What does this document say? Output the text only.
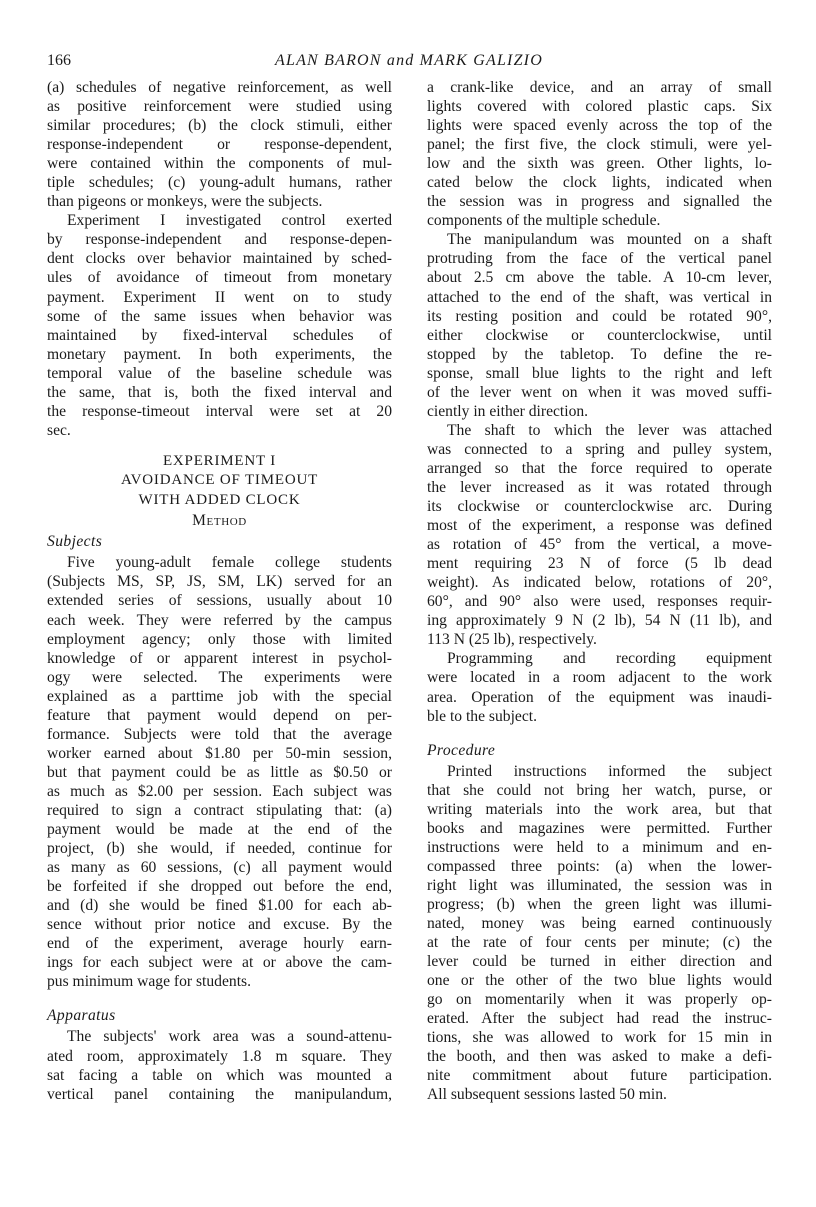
166	ALAN BARON and MARK GALIZIO
(a) schedules of negative reinforcement, as well
as positive reinforcement were studied using
similar procedures; (b) the clock stimuli, either
response-independent or response-dependent,
were contained within the components of mul-
tiple schedules; (c) young-adult humans, rather
than pigeons or monkeys, were the subjects.
Experiment I investigated control exerted
by response-independent and response-depen-
dent clocks over behavior maintained by sched-
ules of avoidance of timeout from monetary
payment. Experiment II went on to study
some of the same issues when behavior was
maintained by fixed-interval schedules of
monetary payment. In both experiments, the
temporal value of the baseline schedule was
the same, that is, both the fixed interval and
the response-timeout interval were set at 20
sec.
EXPERIMENT I
AVOIDANCE OF TIMEOUT
WITH ADDED CLOCK
Method
Subjects
Five young-adult female college students
(Subjects MS, SP, JS, SM, LK) served for an
extended series of sessions, usually about 10
each week. They were referred by the campus
employment agency; only those with limited
knowledge of or apparent interest in psychol-
ogy were selected. The experiments were
explained as a parttime job with the special
feature that payment would depend on per-
formance. Subjects were told that the average
worker earned about $1.80 per 50-min session,
but that payment could be as little as $0.50 or
as much as $2.00 per session. Each subject was
required to sign a contract stipulating that: (a)
payment would be made at the end of the
project, (b) she would, if needed, continue for
as many as 60 sessions, (c) all payment would
be forfeited if she dropped out before the end,
and (d) she would be fined $1.00 for each ab-
sence without prior notice and excuse. By the
end of the experiment, average hourly earn-
ings for each subject were at or above the cam-
pus minimum wage for students.
Apparatus
The subjects' work area was a sound-attenu-
ated room, approximately 1.8 m square. They
sat facing a table on which was mounted a
vertical panel containing the manipulandum,
a crank-like device, and an array of small
lights covered with colored plastic caps. Six
lights were spaced evenly across the top of the
panel; the first five, the clock stimuli, were yel-
low and the sixth was green. Other lights, lo-
cated below the clock lights, indicated when
the session was in progress and signalled the
components of the multiple schedule.
The manipulandum was mounted on a shaft
protruding from the face of the vertical panel
about 2.5 cm above the table. A 10-cm lever,
attached to the end of the shaft, was vertical in
its resting position and could be rotated 90°,
either clockwise or counterclockwise, until
stopped by the tabletop. To define the re-
sponse, small blue lights to the right and left
of the lever went on when it was moved suffi-
ciently in either direction.
The shaft to which the lever was attached
was connected to a spring and pulley system,
arranged so that the force required to operate
the lever increased as it was rotated through
its clockwise or counterclockwise arc. During
most of the experiment, a response was defined
as rotation of 45° from the vertical, a move-
ment requiring 23 N of force (5 lb dead
weight). As indicated below, rotations of 20°,
60°, and 90° also were used, responses requir-
ing approximately 9 N (2 lb), 54 N (11 lb), and
113 N (25 lb), respectively.
Programming and recording equipment
were located in a room adjacent to the work
area. Operation of the equipment was inaudi-
ble to the subject.
Procedure
Printed instructions informed the subject
that she could not bring her watch, purse, or
writing materials into the work area, but that
books and magazines were permitted. Further
instructions were held to a minimum and en-
compassed three points: (a) when the lower-
right light was illuminated, the session was in
progress; (b) when the green light was illumi-
nated, money was being earned continuously
at the rate of four cents per minute; (c) the
lever could be turned in either direction and
one or the other of the two blue lights would
go on momentarily when it was properly op-
erated. After the subject had read the instruc-
tions, she was allowed to work for 15 min in
the booth, and then was asked to make a defi-
nite commitment about future participation.
All subsequent sessions lasted 50 min.
